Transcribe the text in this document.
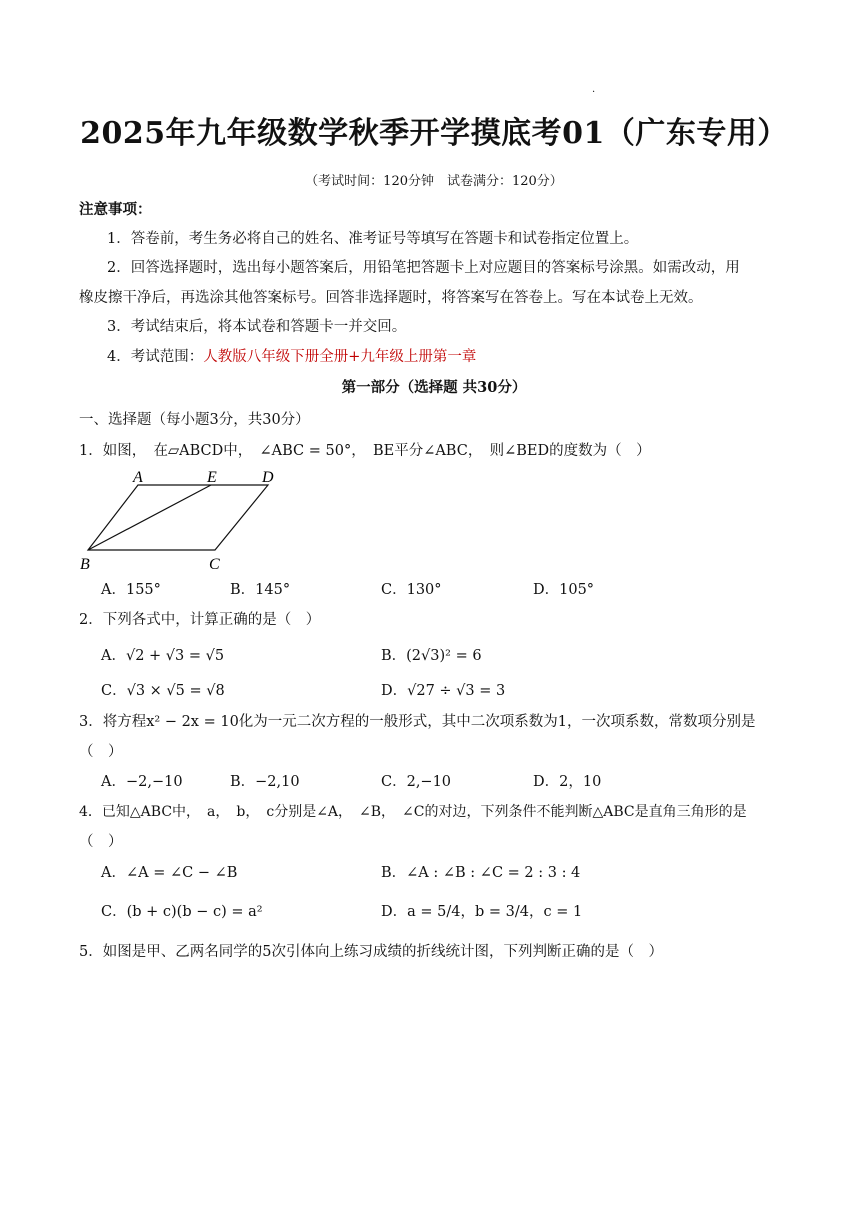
.
2025年九年级数学秋季开学摸底考01（广东专用）
（考试时间：120分钟　试卷满分：120分）
注意事项：
1．答卷前，考生务必将自己的姓名、准考证号等填写在答题卡和试卷指定位置上。
2．回答选择题时，选出每小题答案后，用铅笔把答题卡上对应题目的答案标号涂黑。如需改动，用
橡皮擦干净后，再选涂其他答案标号。回答非选择题时，将答案写在答卷上。写在本试卷上无效。
3．考试结束后，将本试卷和答题卡一并交回。
4．考试范围：人教版八年级下册全册+九年级上册第一章
第一部分（选择题 共30分）
一、选择题（每小题3分，共30分）
1．如图，　在▱ABCD中，　∠ABC = 50°，　BE平分∠ABC，　则∠BED的度数为（　）
A	E	D
B	C
A．155°	B．145°	C．130°	D．105°
2．下列各式中，计算正确的是（　）
A．√2 + √3 = √5	B．(2√3)² = 6
C．√3 × √5 = √8	D．√27 ÷ √3 = 3
3．将方程x² − 2x = 10化为一元二次方程的一般形式，其中二次项系数为1，一次项系数，常数项分别是
（　）
A．−2,−10	B．−2,10	C．2,−10	D．2，10
4．已知△ABC中，　a，　b，　c分别是∠A，　∠B，　∠C的对边，下列条件不能判断△ABC是直角三角形的是
（　）
A．∠A = ∠C − ∠B	B．∠A : ∠B : ∠C = 2 : 3 : 4
C．(b + c)(b − c) = a²	D．a = 5/4，b = 3/4，c = 1
5．如图是甲、乙两名同学的5次引体向上练习成绩的折线统计图，下列判断正确的是（　）
